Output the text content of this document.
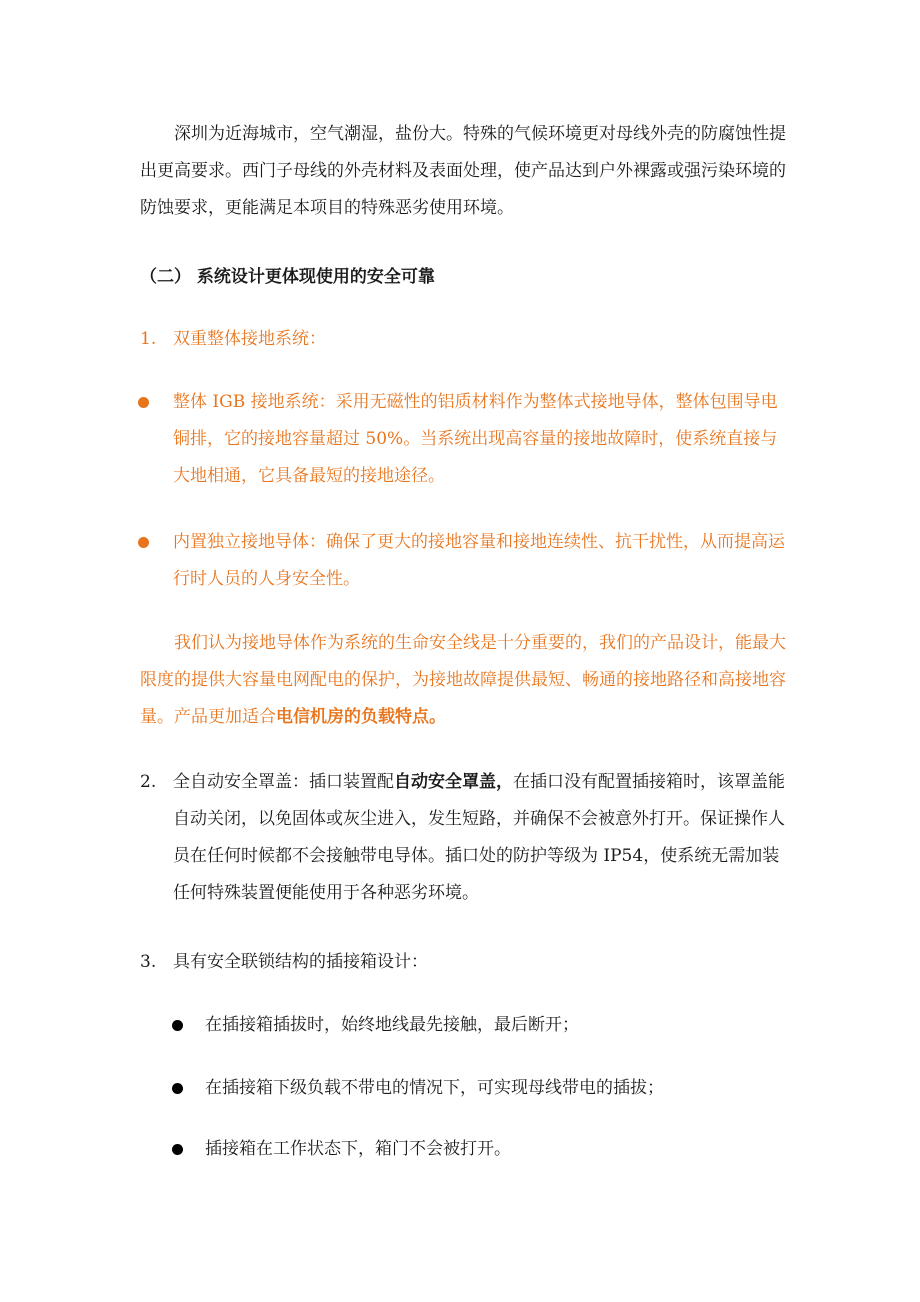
深圳为近海城市，空气潮湿，盐份大。特殊的气候环境更对母线外壳的防腐蚀性提出更高要求。西门子母线的外壳材料及表面处理，使产品达到户外裸露或强污染环境的防蚀要求，更能满足本项目的特殊恶劣使用环境。

（二） 系统设计更体现使用的安全可靠

1. 双重整体接地系统：

整体 IGB 接地系统：采用无磁性的铝质材料作为整体式接地导体，整体包围导电铜排，它的接地容量超过 50%。当系统出现高容量的接地故障时，使系统直接与大地相通，它具备最短的接地途径。

内置独立接地导体：确保了更大的接地容量和接地连续性、抗干扰性，从而提高运行时人员的人身安全性。

我们认为接地导体作为系统的生命安全线是十分重要的，我们的产品设计，能最大限度的提供大容量电网配电的保护，为接地故障提供最短、畅通的接地路径和高接地容量。产品更加适合电信机房的负载特点。

2. 全自动安全罩盖：插口装置配自动安全罩盖，在插口没有配置插接箱时，该罩盖能自动关闭，以免固体或灰尘进入，发生短路，并确保不会被意外打开。保证操作人员在任何时候都不会接触带电导体。插口处的防护等级为 IP54，使系统无需加装任何特殊装置便能使用于各种恶劣环境。

3. 具有安全联锁结构的插接箱设计：

在插接箱插拔时，始终地线最先接触，最后断开；

在插接箱下级负载不带电的情况下，可实现母线带电的插拔；

插接箱在工作状态下，箱门不会被打开。
